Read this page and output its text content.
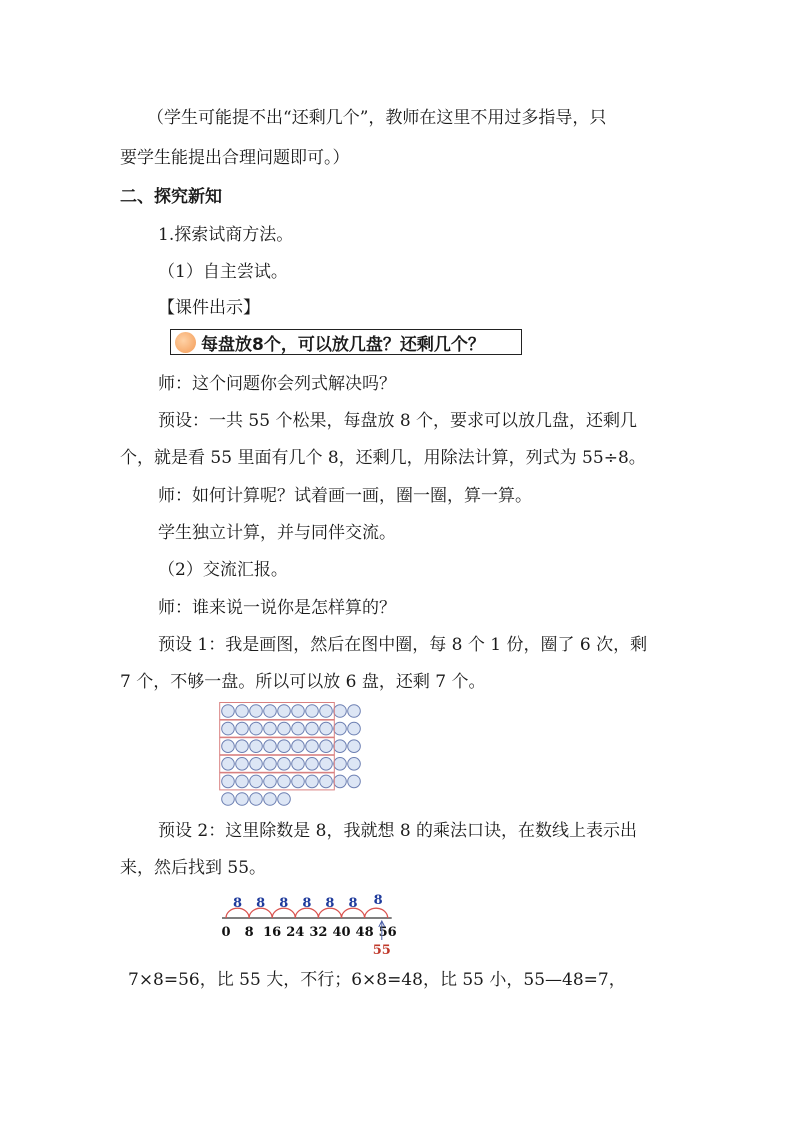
（学生可能提不出“还剩几个”，教师在这里不用过多指导，只
要学生能提出合理问题即可。）
二、探究新知
1.探索试商方法。
（1）自主尝试。
【课件出示】
每盘放8个，可以放几盘？还剩几个？
师：这个问题你会列式解决吗？
预设：一共 55 个松果，每盘放 8 个，要求可以放几盘，还剩几
个，就是看 55 里面有几个 8，还剩几，用除法计算，列式为 55÷8。
师：如何计算呢？试着画一画，圈一圈，算一算。
学生独立计算，并与同伴交流。
（2）交流汇报。
师：谁来说一说你是怎样算的？
预设 1：我是画图，然后在图中圈，每 8 个 1 份，圈了 6 次，剩
7 个，不够一盘。所以可以放 6 盘，还剩 7 个。
预设 2：这里除数是 8，我就想 8 的乘法口诀，在数线上表示出
来，然后找到 55。
8 8 8 8 8 8 8
0 8 16 24 32 40 48 56
55
7×8=56，比 55 大，不行；6×8=48，比 55 小，55—48=7，
